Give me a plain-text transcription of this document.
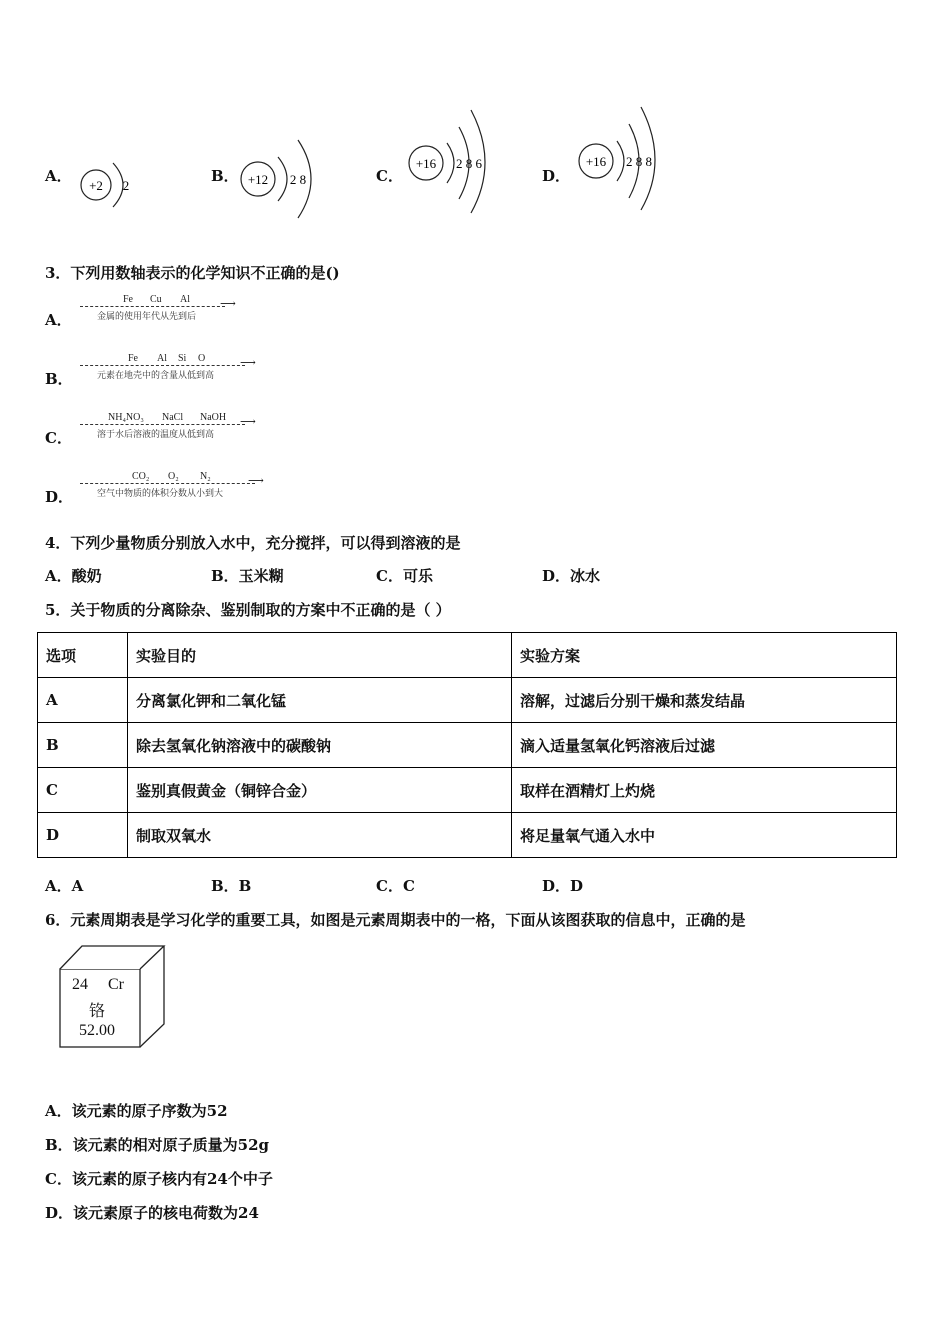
A．
+2 2
B． +12 2 8	C．
+16 2 8 6
D．
+16 2 8 8
3．下列用数轴表示的化学知识不正确的是()
A．
Fe Cu Al	⟶
金属的使用年代从先到后
B．
Fe Al Si O	⟶
元素在地壳中的含量从低到高
C．
NH₄NO₃ NaCl NaOH ⟶
溶于水后溶液的温度从低到高
D．
CO₂ O₂ N₂	⟶
空气中物质的体积分数从小到大
4．下列少量物质分别放入水中，充分搅拌，可以得到溶液的是
A．酸奶	B．玉米糊	C．可乐	D．冰水
5．关于物质的分离除杂、鉴别制取的方案中不正确的是（ ）
选项	实验目的	实验方案
A	分离氯化钾和二氧化锰	溶解，过滤后分别干燥和蒸发结晶
B	除去氢氧化钠溶液中的碳酸钠	滴入适量氢氧化钙溶液后过滤
C	鉴别真假黄金（铜锌合金）	取样在酒精灯上灼烧
D	制取双氧水	将足量氧气通入水中
A．A	B．B	C．C	D．D
6．元素周期表是学习化学的重要工具，如图是元素周期表中的一格，下面从该图获取的信息中，正确的是
24 Cr
铬
52.00
A．该元素的原子序数为52
B．该元素的相对原子质量为52g
C．该元素的原子核内有24个中子
D．该元素原子的核电荷数为24
